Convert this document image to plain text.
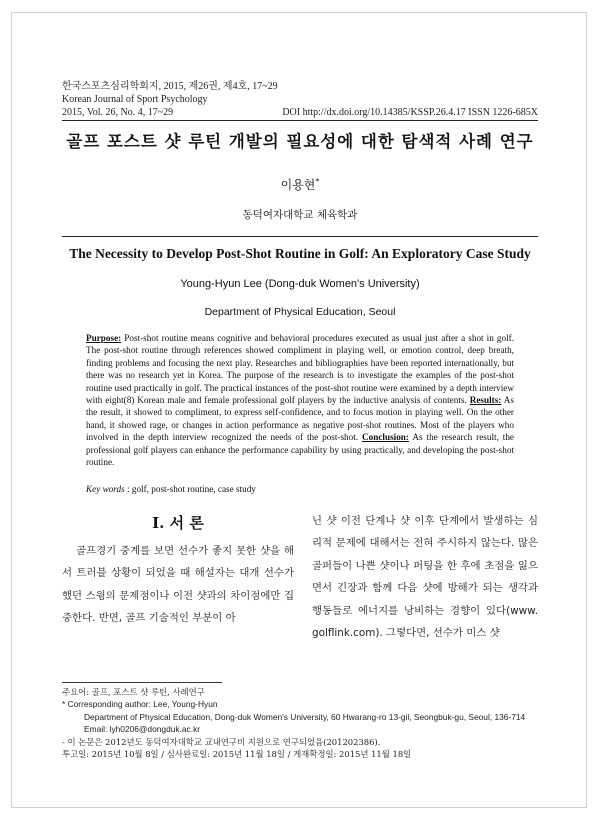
한국스포츠심리학회지, 2015, 제26권, 제4호, 17~29
Korean Journal of Sport Psychology
2015, Vol. 26, No. 4, 17~29	DOI http://dx.doi.org/10.14385/KSSP.26.4.17 ISSN 1226-685X
골프 포스트 샷 루틴 개발의 필요성에 대한 탐색적 사례 연구
이용현*
동덕여자대학교 체육학과
The Necessity to Develop Post-Shot Routine in Golf: An Exploratory Case Study
Young-Hyun Lee (Dong-duk Women's University)
Department of Physical Education, Seoul
Purpose: Post-shot routine means cognitive and behavioral procedures executed as usual just after a shot in golf. The post-shot routine through references showed compliment in playing well, or emotion control, deep breath, finding problems and focusing the next play. Researches and bibliographies have been reported internationally, but there was no research yet in Korea. The purpose of the research is to investigate the examples of the post-shot routine used practically in golf. The practical instances of the post-shot routine were examined by a depth interview with eight(8) Korean male and female professional golf players by the inductive analysis of contents. Results: As the result, it showed to compliment, to express self-confidence, and to focus motion in playing well. On the other hand, it showed rage, or changes in action performance as negative post-shot routines. Most of the players who involved in the depth interview recognized the needs of the post-shot. Conclusion: As the research result, the professional golf players can enhance the performance capability by using practically, and developing the post-shot routine.
Key words : golf, post-shot routine, case study
I. 서 론
골프경기 중계를 보면 선수가 좋지 못한 샷을 해서 트러블 상황이 되었을 때 해설자는 대개 선수가 했던 스윙의 문제점이나 이전 샷과의 차이점에만 집중한다. 반면, 골프 기술적인 부분이 아
닌 샷 이전 단계나 샷 이후 단계에서 발생하는 심리적 문제에 대해서는 전혀 주시하지 않는다. 많은 골퍼들이 나쁜 샷이나 퍼팅을 한 후에 초점을 잃으면서 긴장과 함께 다음 샷에 방해가 되는 생각과 행동들로 에너지를 낭비하는 경향이 있다(www. golflink.com). 그렇다면, 선수가 미스 샷
주요어: 골프, 포스트 샷 루틴, 사례연구
* Corresponding author: Lee, Young-Hyun
Department of Physical Education, Dong-duk Women's University, 60 Hwarang-ro 13-gil, Seongbuk-gu, Seoul, 136-714
Email: lyh0206@dongduk.ac.kr
- 이 논문은 2012년도 동덕여자대학교 교내연구비 지원으로 연구되었음(201202386).
투고일: 2015년 10월 8일 / 심사완료일: 2015년 11월 18일 / 게재확정일: 2015년 11월 18일
